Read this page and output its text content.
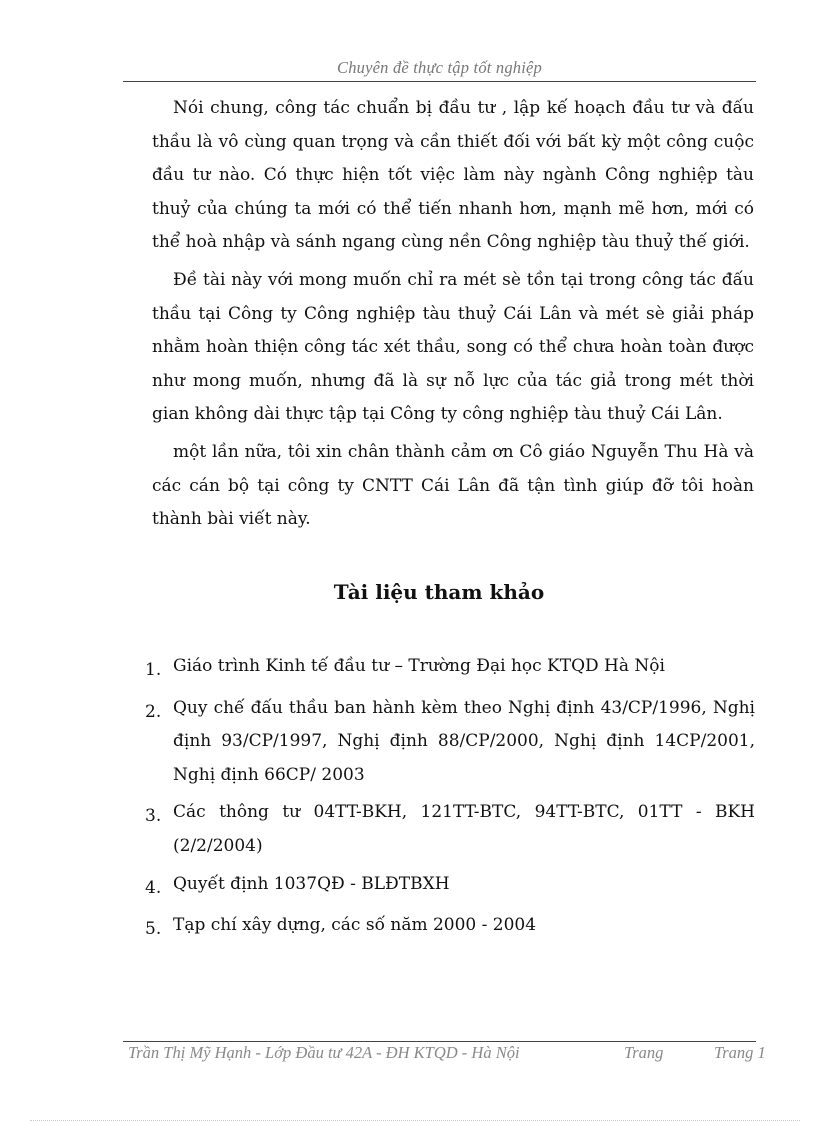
Chuyên đề thực tập tốt nghiệp

Nói chung, công tác chuẩn bị đầu tư , lập kế hoạch đầu tư và đấu thầu là vô cùng quan trọng và cần thiết đối với bất kỳ một công cuộc đầu tư nào. Có thực hiện tốt việc làm này ngành Công nghiệp tàu thuỷ của chúng ta mới có thể tiến nhanh hơn, mạnh mẽ hơn, mới có thể hoà nhập và sánh ngang cùng nền Công nghiệp tàu thuỷ thế giới.

Đề tài này với mong muốn chỉ ra mét sè tồn tại trong công tác đấu thầu tại Công ty Công nghiệp tàu thuỷ Cái Lân và mét sè giải pháp nhằm hoàn thiện công tác xét thầu, song có thể chưa hoàn toàn được như mong muốn, nhưng đã là sự nỗ lực của tác giả trong mét thời gian không dài thực tập tại Công ty công nghiệp tàu thuỷ Cái Lân.

một lần nữa, tôi xin chân thành cảm ơn Cô giáo Nguyễn Thu Hà và các cán bộ tại công ty CNTT Cái Lân đã tận tình giúp đỡ tôi hoàn thành bài viết này.

Tài liệu tham khảo
1. Giáo trình Kinh tế đầu tư – Trường Đại học KTQD Hà Nội
2. Quy chế đấu thầu ban hành kèm theo Nghị định 43/CP/1996, Nghị định 93/CP/1997, Nghị định 88/CP/2000, Nghị định 14CP/2001, Nghị định 66CP/ 2003
3. Các thông tư 04TT-BKH, 121TT-BTC, 94TT-BTC, 01TT - BKH (2/2/2004)
4. Quyết định 1037QĐ - BLĐTBXH
5. Tạp chí xây dựng, các số năm 2000 - 2004
Trần Thị Mỹ Hạnh - Lớp Đầu tư 42A - ĐH KTQD - Hà Nội	Trang	Trang 1
